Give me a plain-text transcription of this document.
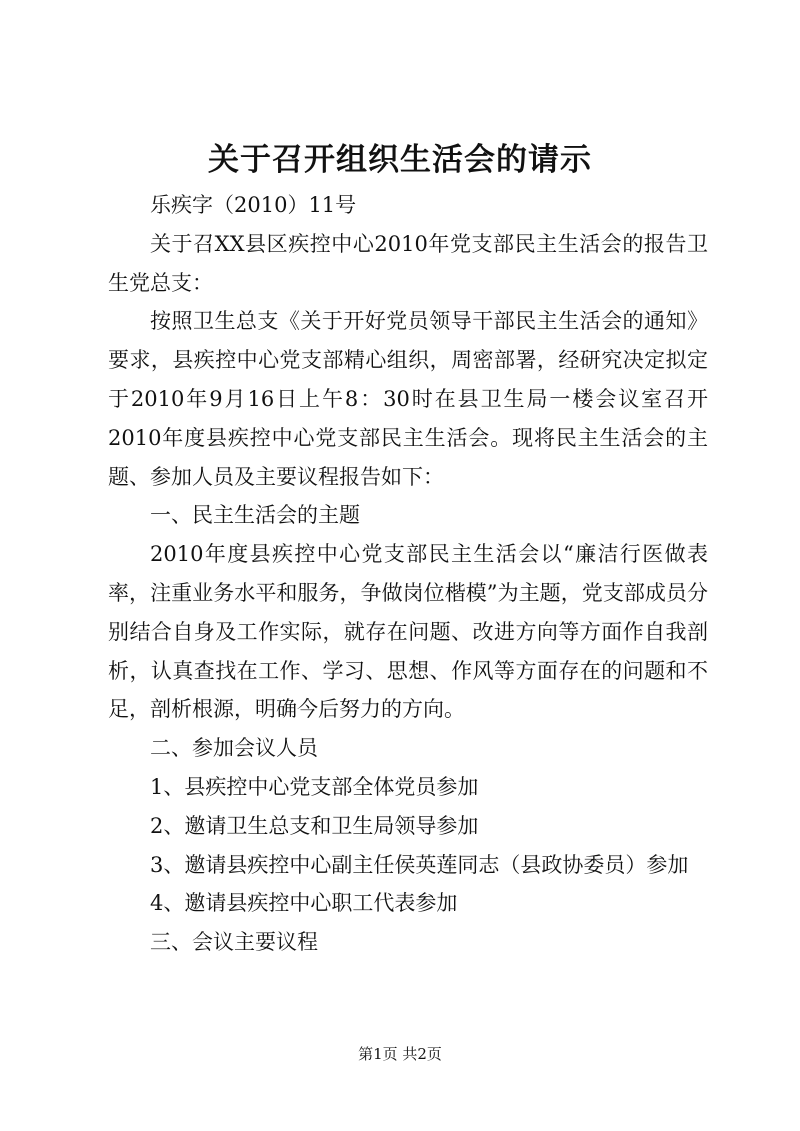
关于召开组织生活会的请示

乐疾字（2010）11号

关于召XX县区疾控中心2010年党支部民主生活会的报告卫生党总支：

按照卫生总支《关于开好党员领导干部民主生活会的通知》要求，县疾控中心党支部精心组织，周密部署，经研究决定拟定于2010年9月16日上午8：30时在县卫生局一楼会议室召开2010年度县疾控中心党支部民主生活会。现将民主生活会的主题、参加人员及主要议程报告如下：

一、民主生活会的主题

2010年度县疾控中心党支部民主生活会以“廉洁行医做表率，注重业务水平和服务，争做岗位楷模”为主题，党支部成员分别结合自身及工作实际，就存在问题、改进方向等方面作自我剖析，认真查找在工作、学习、思想、作风等方面存在的问题和不足，剖析根源，明确今后努力的方向。

二、参加会议人员

1、县疾控中心党支部全体党员参加

2、邀请卫生总支和卫生局领导参加

3、邀请县疾控中心副主任侯英莲同志（县政协委员）参加

4、邀请县疾控中心职工代表参加

三、会议主要议程

第1页 共2页
